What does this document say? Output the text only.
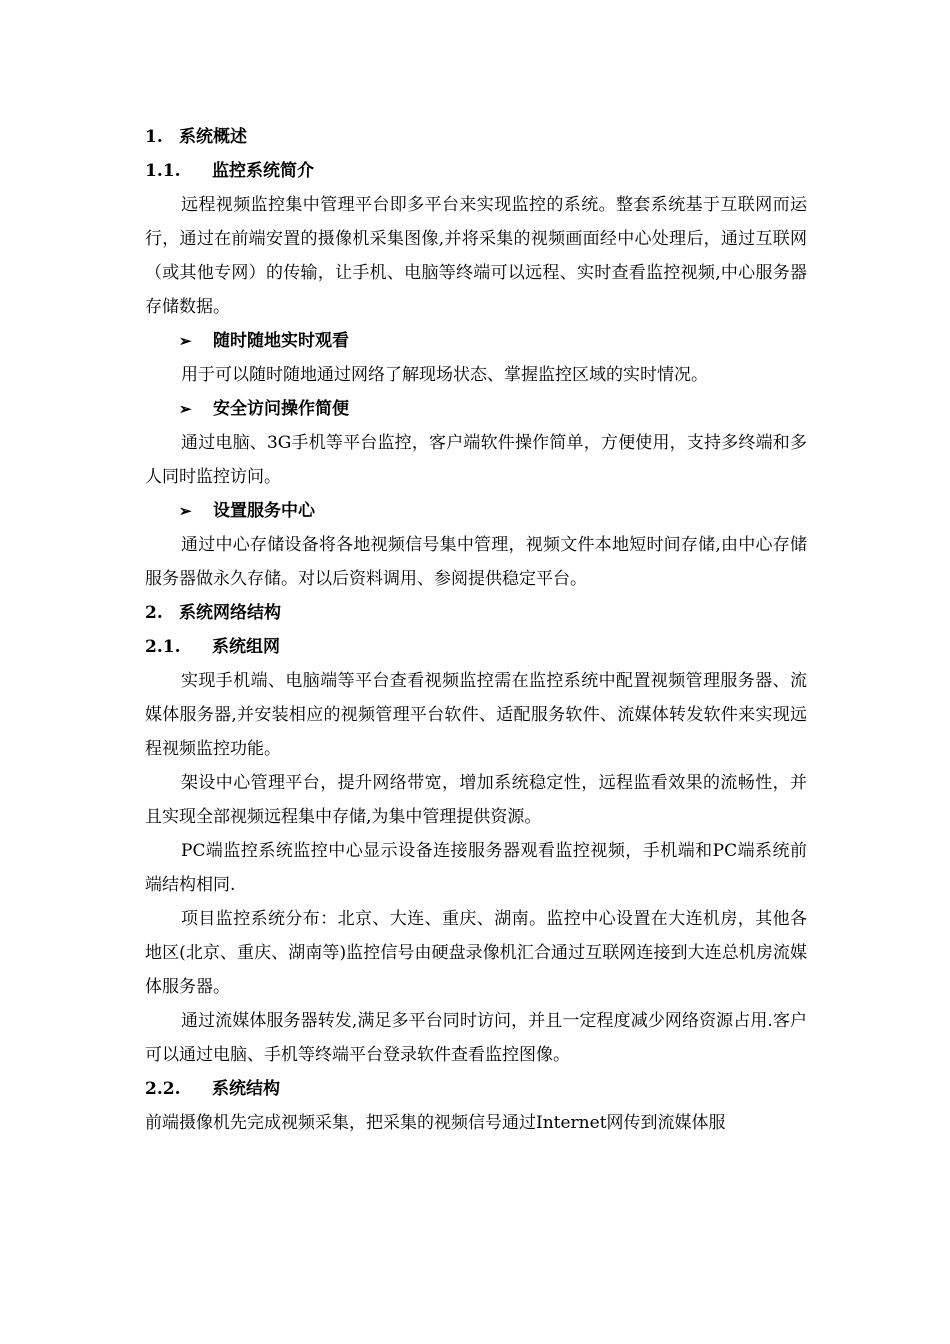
1. 系统概述
1.1. 监控系统简介

远程视频监控集中管理平台即多平台来实现监控的系统。整套系统基于互联网而运行，通过在前端安置的摄像机采集图像,并将采集的视频画面经中心处理后，通过互联网（或其他专网）的传输，让手机、电脑等终端可以远程、实时查看监控视频,中心服务器存储数据。

➢ 随时随地实时观看

用于可以随时随地通过网络了解现场状态、掌握监控区域的实时情况。

➢ 安全访问操作简便

通过电脑、3G手机等平台监控，客户端软件操作简单，方便使用，支持多终端和多人同时监控访问。

➢ 设置服务中心

通过中心存储设备将各地视频信号集中管理，视频文件本地短时间存储,由中心存储服务器做永久存储。对以后资料调用、参阅提供稳定平台。

2. 系统网络结构
2.1. 系统组网

实现手机端、电脑端等平台查看视频监控需在监控系统中配置视频管理服务器、流媒体服务器,并安装相应的视频管理平台软件、适配服务软件、流媒体转发软件来实现远程视频监控功能。

架设中心管理平台，提升网络带宽，增加系统稳定性，远程监看效果的流畅性，并且实现全部视频远程集中存储,为集中管理提供资源。

PC端监控系统监控中心显示设备连接服务器观看监控视频，手机端和PC端系统前端结构相同.

项目监控系统分布：北京、大连、重庆、湖南。监控中心设置在大连机房，其他各地区(北京、重庆、湖南等)监控信号由硬盘录像机汇合通过互联网连接到大连总机房流媒体服务器。

通过流媒体服务器转发,满足多平台同时访问，并且一定程度减少网络资源占用.客户可以通过电脑、手机等终端平台登录软件查看监控图像。

2.2. 系统结构

前端摄像机先完成视频采集，把采集的视频信号通过Internet网传到流媒体服
